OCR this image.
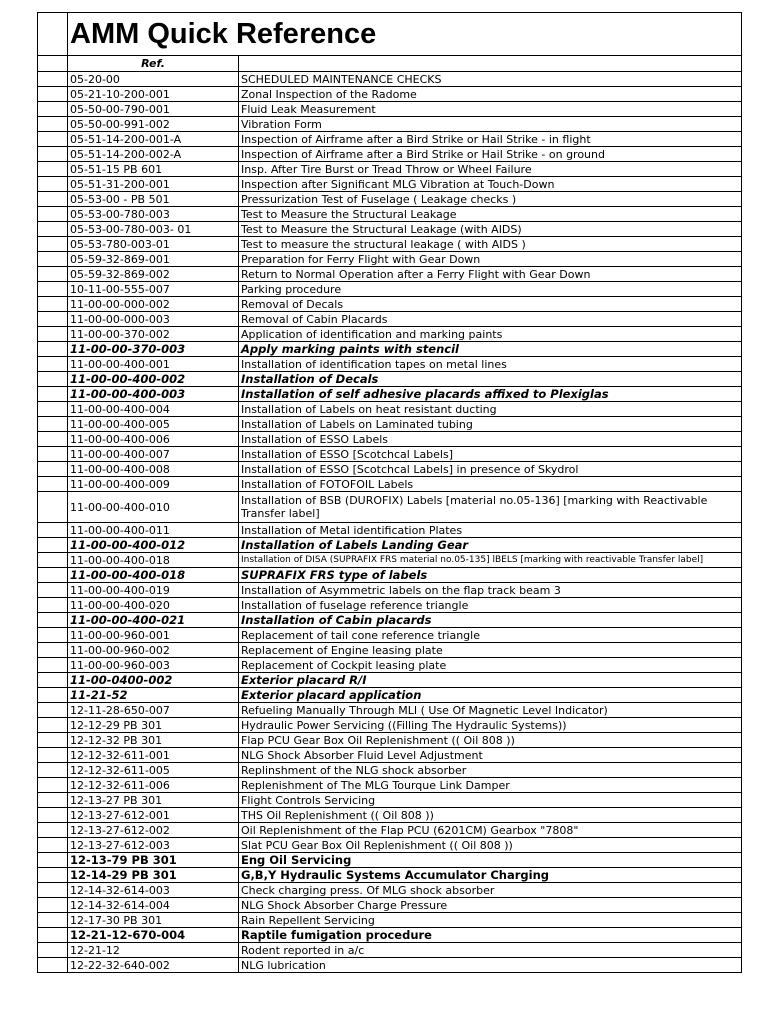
	AMM Quick Reference	
	Ref.	
	05-20-00	SCHEDULED MAINTENANCE CHECKS
	05-21-10-200-001	Zonal Inspection of the Radome
	05-50-00-790-001	Fluid Leak Measurement
	05-50-00-991-002	Vibration Form
	05-51-14-200-001-A	Inspection of Airframe after a Bird Strike or Hail Strike - in flight
	05-51-14-200-002-A	Inspection of Airframe after a Bird Strike or Hail Strike - on ground
	05-51-15 PB 601	Insp. After Tire Burst or Tread Throw or Wheel Failure
	05-51-31-200-001	Inspection after Significant MLG Vibration at Touch-Down
	05-53-00 - PB 501	Pressurization Test of Fuselage ( Leakage checks )
	05-53-00-780-003	Test to Measure the Structural Leakage
	05-53-00-780-003- 01	Test to Measure the Structural Leakage (with AIDS)
	05-53-780-003-01	Test to measure the structural leakage ( with AIDS )
	05-59-32-869-001	Preparation for Ferry Flight with Gear Down
	05-59-32-869-002	Return to Normal Operation after a Ferry Flight with Gear Down
	10-11-00-555-007	Parking procedure
	11-00-00-000-002	Removal of Decals
	11-00-00-000-003	Removal of Cabin Placards
	11-00-00-370-002	Application of identification and marking paints
	11-00-00-370-003	Apply marking paints with stencil
	11-00-00-400-001	Installation of identification tapes on metal lines
	11-00-00-400-002	Installation of Decals
	11-00-00-400-003	Installation of self adhesive placards affixed to Plexiglas
	11-00-00-400-004	Installation of Labels on heat resistant ducting
	11-00-00-400-005	Installation of Labels on Laminated tubing
	11-00-00-400-006	Installation of ESSO Labels
	11-00-00-400-007	Installation of ESSO [Scotchcal Labels]
	11-00-00-400-008	Installation of ESSO [Scotchcal Labels] in presence of Skydrol
	11-00-00-400-009	Installation of FOTOFOIL Labels
	11-00-00-400-010	Installation of BSB (DUROFIX) Labels [material no.05-136] [marking with Reactivable Transfer label]
	11-00-00-400-011	Installation of Metal identification Plates
	11-00-00-400-012	Installation of Labels Landing Gear
	11-00-00-400-018	Installation of DISA (SUPRAFIX FRS material no.05-135] lBELS [marking with reactivable Transfer label]
	11-00-00-400-018	SUPRAFIX FRS type of labels
	11-00-00-400-019	Installation of Asymmetric labels on the flap track beam 3
	11-00-00-400-020	Installation of fuselage reference triangle
	11-00-00-400-021	Installation of Cabin placards
	11-00-00-960-001	Replacement of tail cone reference triangle
	11-00-00-960-002	Replacement of Engine leasing plate
	11-00-00-960-003	Replacement of Cockpit leasing plate
	11-00-0400-002	Exterior placard R/I
	11-21-52	Exterior placard application
	12-11-28-650-007	Refueling Manually Through MLI ( Use Of Magnetic Level Indicator)
	12-12-29 PB 301	Hydraulic Power Servicing ((Filling The Hydraulic Systems))
	12-12-32 PB 301	Flap PCU Gear Box Oil Replenishment (( Oil 808 ))
	12-12-32-611-001	NLG Shock Absorber Fluid Level Adjustment
	12-12-32-611-005	Replinshment of the NLG shock absorber
	12-12-32-611-006	Replenishment of The MLG Tourque Link Damper
	12-13-27 PB 301	Flight Controls Servicing
	12-13-27-612-001	THS Oil Replenishment (( Oil 808 ))
	12-13-27-612-002	Oil Replenishment of the Flap PCU (6201CM) Gearbox "7808"
	12-13-27-612-003	Slat PCU Gear Box Oil Replenishment (( Oil 808 ))
	12-13-79 PB 301	Eng Oil Servicing
	12-14-29 PB 301	G,B,Y Hydraulic Systems Accumulator Charging
	12-14-32-614-003	Check charging press. Of MLG shock absorber
	12-14-32-614-004	NLG Shock Absorber Charge Pressure
	12-17-30 PB 301	Rain Repellent Servicing
	12-21-12-670-004	Raptile fumigation procedure
	12-21-12	Rodent reported in a/c
	12-22-32-640-002	NLG lubrication
